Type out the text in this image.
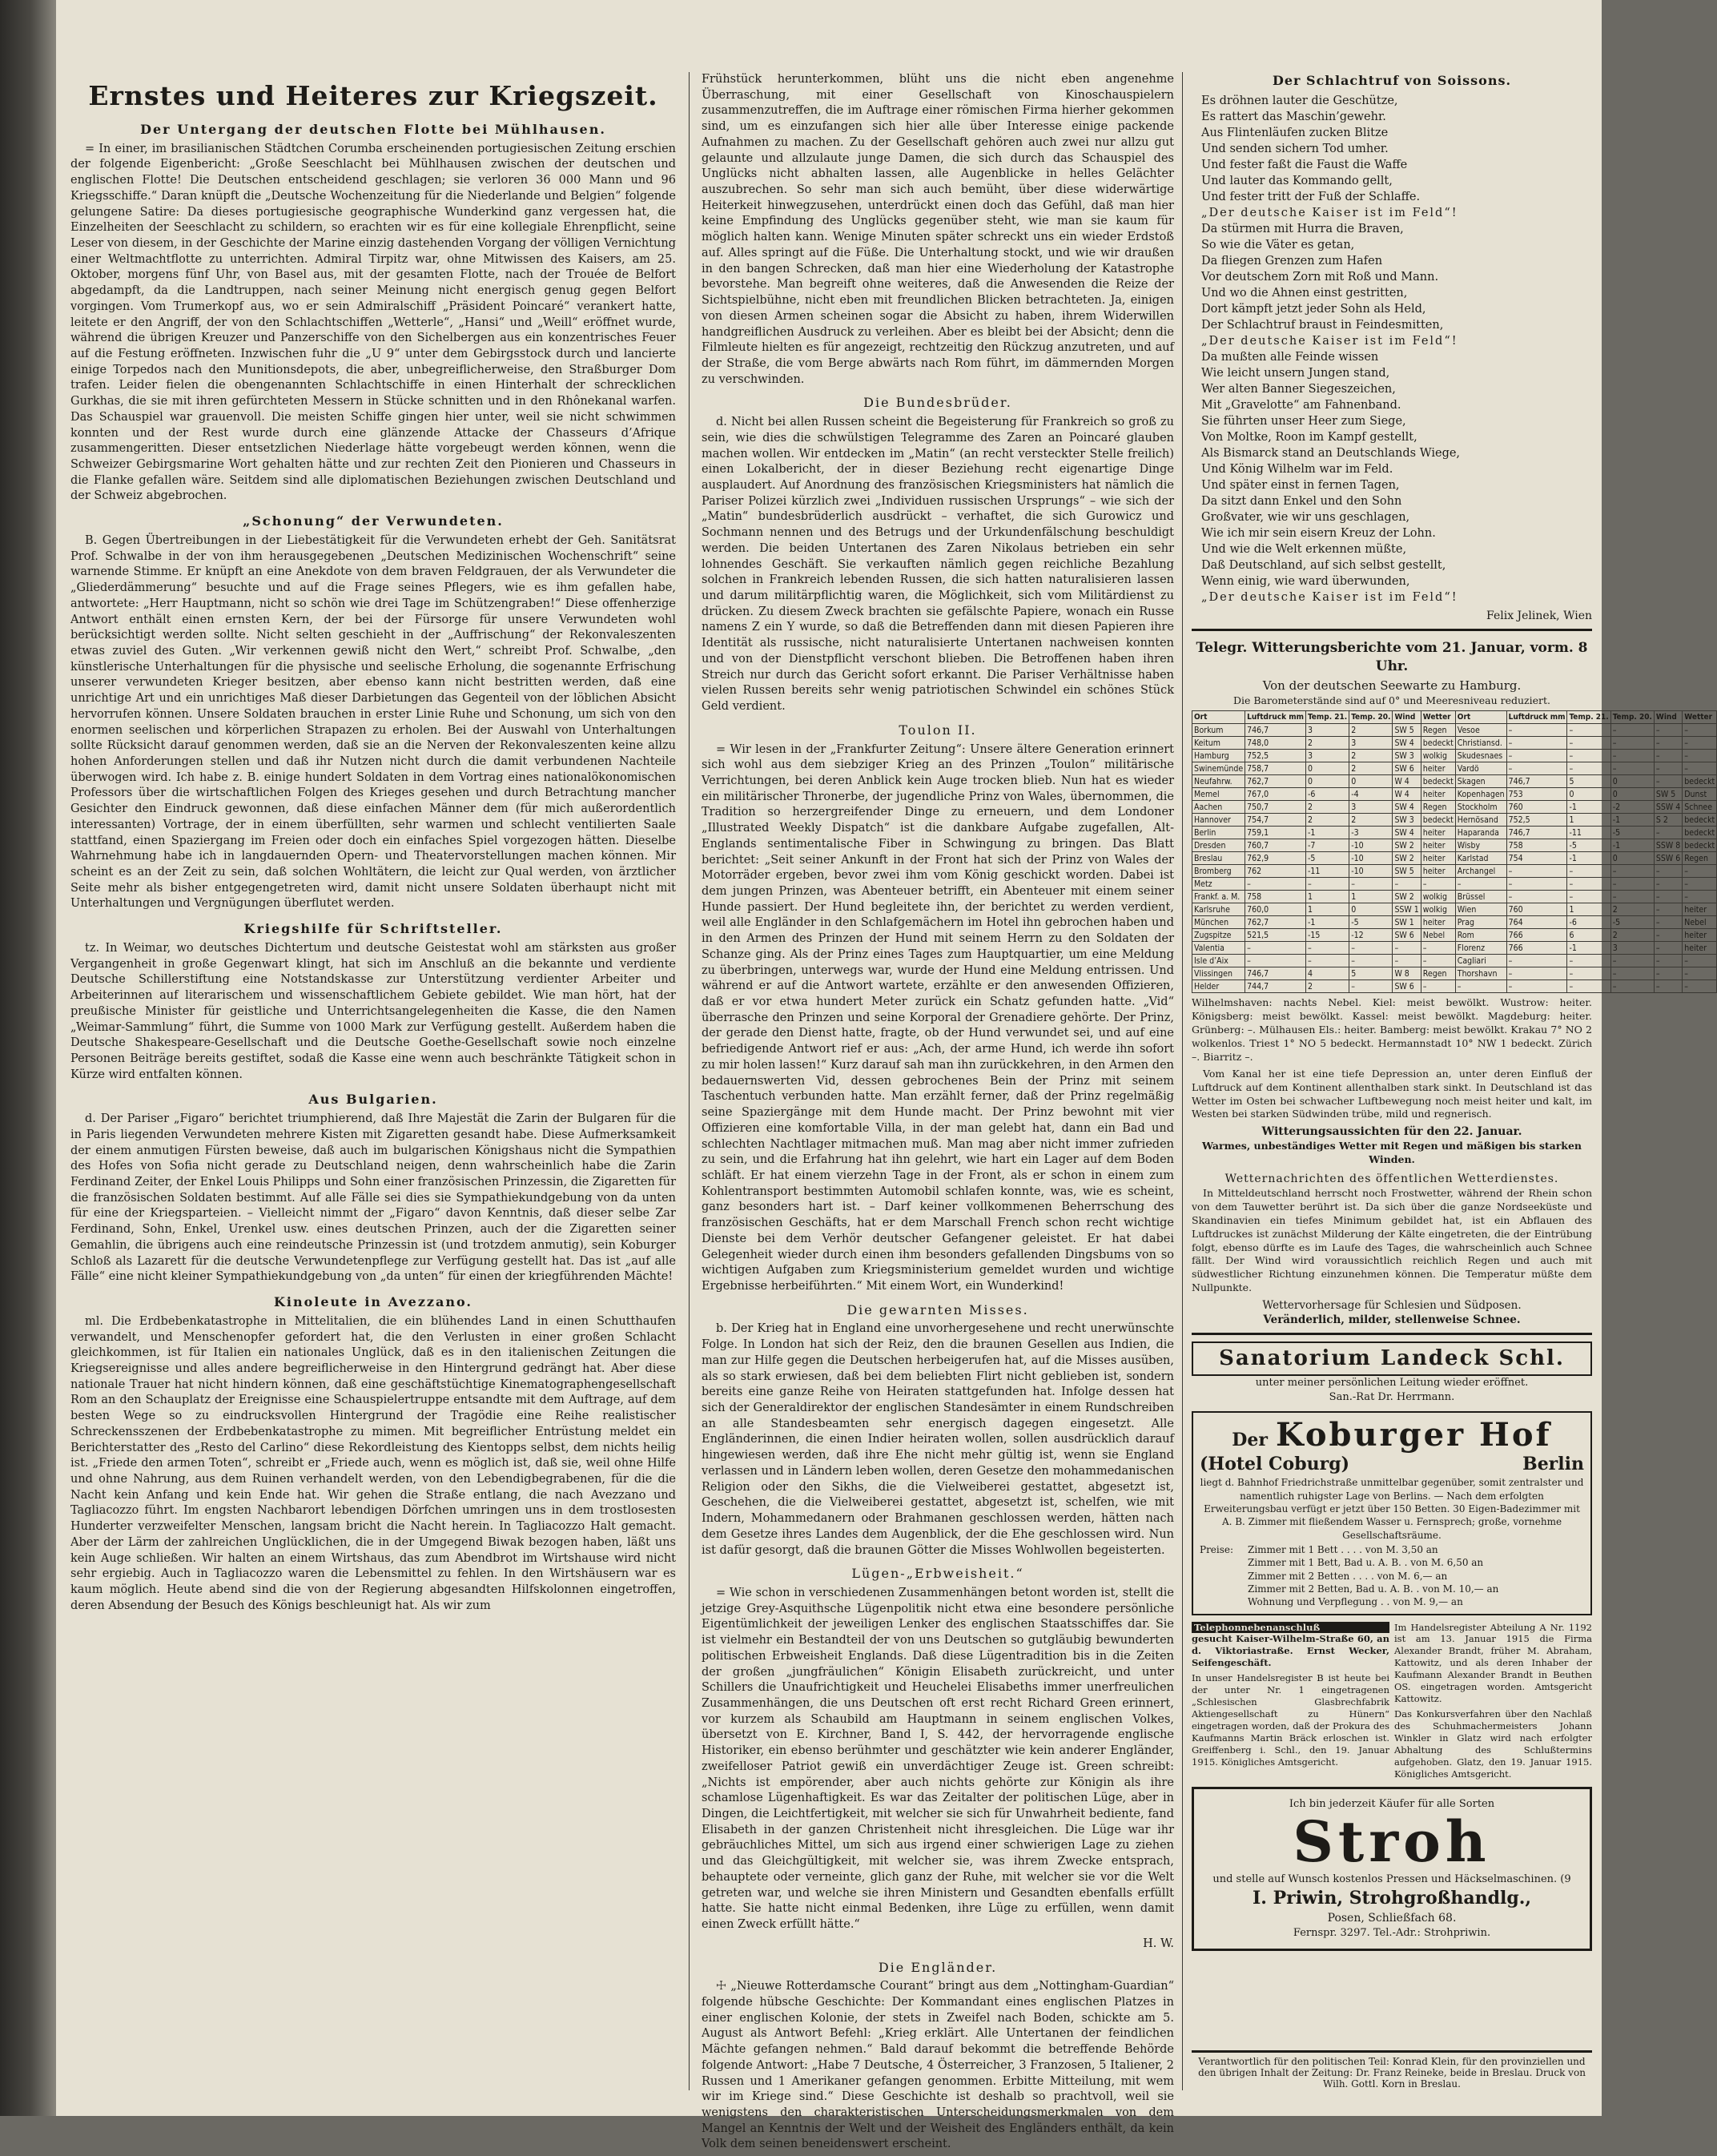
Ernstes und Heiteres zur Kriegszeit.
Der Untergang der deutschen Flotte bei Mühlhausen.

= In einer, im brasilianischen Städtchen Corumba erscheinenden portugiesischen Zeitung erschien der folgende Eigenbericht: „Große Seeschlacht bei Mühlhausen zwischen der deutschen und englischen Flotte! Die Deutschen entscheidend geschlagen; sie verloren 36 000 Mann und 96 Kriegsschiffe.“ Daran knüpft die „Deutsche Wochenzeitung für die Niederlande und Belgien“ folgende gelungene Satire: Da dieses portugiesische geographische Wunderkind ganz vergessen hat, die Einzelheiten der Seeschlacht zu schildern, so erachten wir es für eine kollegiale Ehrenpflicht, seine Leser von diesem, in der Geschichte der Marine einzig dastehenden Vorgang der völligen Vernichtung einer Weltmachtflotte zu unterrichten. Admiral Tirpitz war, ohne Mitwissen des Kaisers, am 25. Oktober, morgens fünf Uhr, von Basel aus, mit der gesamten Flotte, nach der Trouée de Belfort abgedampft, da die Landtruppen, nach seiner Meinung nicht energisch genug gegen Belfort vorgingen. Vom Trumerkopf aus, wo er sein Admiralschiff „Präsident Poincaré“ verankert hatte, leitete er den Angriff, der von den Schlachtschiffen „Wetterle“, „Hansi“ und „Weill“ eröffnet wurde, während die übrigen Kreuzer und Panzerschiffe von den Sichelbergen aus ein konzentrisches Feuer auf die Festung eröffneten. Inzwischen fuhr die „U 9“ unter dem Gebirgsstock durch und lancierte einige Torpedos nach den Munitionsdepots, die aber, unbegreiflicherweise, den Straßburger Dom trafen. Leider fielen die obengenannten Schlachtschiffe in einen Hinterhalt der schrecklichen Gurkhas, die sie mit ihren gefürchteten Messern in Stücke schnitten und in den Rhônekanal warfen. Das Schauspiel war grauenvoll. Die meisten Schiffe gingen hier unter, weil sie nicht schwimmen konnten und der Rest wurde durch eine glänzende Attacke der Chasseurs d’Afrique zusammengeritten. Dieser entsetzlichen Niederlage hätte vorgebeugt werden können, wenn die Schweizer Gebirgsmarine Wort gehalten hätte und zur rechten Zeit den Pionieren und Chasseurs in die Flanke gefallen wäre. Seitdem sind alle diplomatischen Beziehungen zwischen Deutschland und der Schweiz abgebrochen.

„Schonung“ der Verwundeten.

B. Gegen Übertreibungen in der Liebestätigkeit für die Verwundeten erhebt der Geh. Sanitätsrat Prof. Schwalbe in der von ihm herausgegebenen „Deutschen Medizinischen Wochenschrift“ seine warnende Stimme. Er knüpft an eine Anekdote von dem braven Feldgrauen, der als Verwundeter die „Gliederdämmerung“ besuchte und auf die Frage seines Pflegers, wie es ihm gefallen habe, antwortete: „Herr Hauptmann, nicht so schön wie drei Tage im Schützengraben!“ Diese offenherzige Antwort enthält einen ernsten Kern, der bei der Fürsorge für unsere Verwundeten wohl berücksichtigt werden sollte. Nicht selten geschieht in der „Auffrischung“ der Rekonvaleszenten etwas zuviel des Guten. „Wir verkennen gewiß nicht den Wert,“ schreibt Prof. Schwalbe, „den künstlerische Unterhaltungen für die physische und seelische Erholung, die sogenannte Erfrischung unserer verwundeten Krieger besitzen, aber ebenso kann nicht bestritten werden, daß eine unrichtige Art und ein unrichtiges Maß dieser Darbietungen das Gegenteil von der löblichen Absicht hervorrufen können. Unsere Soldaten brauchen in erster Linie Ruhe und Schonung, um sich von den enormen seelischen und körperlichen Strapazen zu erholen. Bei der Auswahl von Unterhaltungen sollte Rücksicht darauf genommen werden, daß sie an die Nerven der Rekonvaleszenten keine allzu hohen Anforderungen stellen und daß ihr Nutzen nicht durch die damit verbundenen Nachteile überwogen wird. Ich habe z. B. einige hundert Soldaten in dem Vortrag eines nationalökonomischen Professors über die wirtschaftlichen Folgen des Krieges gesehen und durch Betrachtung mancher Gesichter den Eindruck gewonnen, daß diese einfachen Männer dem (für mich außerordentlich interessanten) Vortrage, der in einem überfüllten, sehr warmen und schlecht ventilierten Saale stattfand, einen Spaziergang im Freien oder doch ein einfaches Spiel vorgezogen hätten. Dieselbe Wahrnehmung habe ich in langdauernden Opern- und Theatervorstellungen machen können. Mir scheint es an der Zeit zu sein, daß solchen Wohltätern, die leicht zur Qual werden, von ärztlicher Seite mehr als bisher entgegengetreten wird, damit nicht unsere Soldaten überhaupt nicht mit Unterhaltungen und Vergnügungen überflutet werden.

Kriegshilfe für Schriftsteller.

tz. In Weimar, wo deutsches Dichtertum und deutsche Geistestat wohl am stärksten aus großer Vergangenheit in große Gegenwart klingt, hat sich im Anschluß an die bekannte und verdiente Deutsche Schillerstiftung eine Notstandskasse zur Unterstützung verdienter Arbeiter und Arbeiterinnen auf literarischem und wissenschaftlichem Gebiete gebildet. Wie man hört, hat der preußische Minister für geistliche und Unterrichtsangelegenheiten die Kasse, die den Namen „Weimar-Sammlung“ führt, die Summe von 1000 Mark zur Verfügung gestellt. Außerdem haben die Deutsche Shakespeare-Gesellschaft und die Deutsche Goethe-Gesellschaft sowie noch einzelne Personen Beiträge bereits gestiftet, sodaß die Kasse eine wenn auch beschränkte Tätigkeit schon in Kürze wird entfalten können.

Aus Bulgarien.

d. Der Pariser „Figaro“ berichtet triumphierend, daß Ihre Majestät die Zarin der Bulgaren für die in Paris liegenden Verwundeten mehrere Kisten mit Zigaretten gesandt habe. Diese Aufmerksamkeit der einem anmutigen Fürsten beweise, daß auch im bulgarischen Königshaus nicht die Sympathien des Hofes von Sofia nicht gerade zu Deutschland neigen, denn wahrscheinlich habe die Zarin Ferdinand Zeiter, der Enkel Louis Philipps und Sohn einer französischen Prinzessin, die Zigaretten für die französischen Soldaten bestimmt. Auf alle Fälle sei dies sie Sympathiekundgebung von da unten für eine der Kriegsparteien. – Vielleicht nimmt der „Figaro“ davon Kenntnis, daß dieser selbe Zar Ferdinand, Sohn, Enkel, Urenkel usw. eines deutschen Prinzen, auch der die Zigaretten seiner Gemahlin, die übrigens auch eine reindeutsche Prinzessin ist (und trotzdem anmutig), sein Koburger Schloß als Lazarett für die deutsche Verwundetenpflege zur Verfügung gestellt hat. Das ist „auf alle Fälle“ eine nicht kleiner Sympathiekundgebung von „da unten“ für einen der kriegführenden Mächte!

Kinoleute in Avezzano.

ml. Die Erdbebenkatastrophe in Mittelitalien, die ein blühendes Land in einen Schutthaufen verwandelt, und Menschenopfer gefordert hat, die den Verlusten in einer großen Schlacht gleichkommen, ist für Italien ein nationales Unglück, daß es in den italienischen Zeitungen die Kriegsereignisse und alles andere begreiflicherweise in den Hintergrund gedrängt hat. Aber diese nationale Trauer hat nicht hindern können, daß eine geschäftstüchtige Kinematographengesellschaft Rom an den Schauplatz der Ereignisse eine Schauspielertruppe entsandte mit dem Auftrage, auf dem besten Wege so zu eindrucksvollen Hintergrund der Tragödie eine Reihe realistischer Schreckensszenen der Erdbebenkatastrophe zu mimen. Mit begreiflicher Entrüstung meldet ein Berichterstatter des „Resto del Carlino“ diese Rekordleistung des Kientopps selbst, dem nichts heilig ist. „Friede den armen Toten“, schreibt er „Friede auch, wenn es möglich ist, daß sie, weil ohne Hilfe und ohne Nahrung, aus dem Ruinen verhandelt werden, von den Lebendigbegrabenen, für die die Nacht kein Anfang und kein Ende hat. Wir gehen die Straße entlang, die nach Avezzano und Tagliacozzo führt. Im engsten Nachbarort lebendigen Dörfchen umringen uns in dem trostlosesten Hunderter verzweifelter Menschen, langsam bricht die Nacht herein. In Tagliacozzo Halt gemacht. Aber der Lärm der zahlreichen Unglücklichen, die in der Umgegend Biwak bezogen haben, läßt uns kein Auge schließen. Wir halten an einem Wirtshaus, das zum Abendbrot im Wirtshause wird nicht sehr ergiebig. Auch in Tagliacozzo waren die Lebensmittel zu fehlen. In den Wirtshäusern war es kaum möglich. Heute abend sind die von der Regierung abgesandten Hilfskolonnen eingetroffen, deren Absendung der Besuch des Königs beschleunigt hat. Als wir zum

Frühstück herunterkommen, blüht uns die nicht eben angenehme Überraschung, mit einer Gesellschaft von Kinoschauspielern zusammenzutreffen, die im Auftrage einer römischen Firma hierher gekommen sind, um es einzufangen sich hier alle über Interesse einige packende Aufnahmen zu machen. Zu der Gesellschaft gehören auch zwei nur allzu gut gelaunte und allzulaute junge Damen, die sich durch das Schauspiel des Unglücks nicht abhalten lassen, alle Augenblicke in helles Gelächter auszubrechen. So sehr man sich auch bemüht, über diese widerwärtige Heiterkeit hinwegzusehen, unterdrückt einen doch das Gefühl, daß man hier keine Empfindung des Unglücks gegenüber steht, wie man sie kaum für möglich halten kann. Wenige Minuten später schreckt uns ein wieder Erdstoß auf. Alles springt auf die Füße. Die Unterhaltung stockt, und wie wir draußen in den bangen Schrecken, daß man hier eine Wiederholung der Katastrophe bevorstehe. Man begreift ohne weiteres, daß die Anwesenden die Reize der Sichtspielbühne, nicht eben mit freundlichen Blicken betrachteten. Ja, einigen von diesen Armen scheinen sogar die Absicht zu haben, ihrem Widerwillen handgreiflichen Ausdruck zu verleihen. Aber es bleibt bei der Absicht; denn die Filmleute hielten es für angezeigt, rechtzeitig den Rückzug anzutreten, und auf der Straße, die vom Berge abwärts nach Rom führt, im dämmernden Morgen zu verschwinden.

Die Bundesbrüder.

d. Nicht bei allen Russen scheint die Begeisterung für Frankreich so groß zu sein, wie dies die schwülstigen Telegramme des Zaren an Poincaré glauben machen wollen. Wir entdecken im „Matin“ (an recht versteckter Stelle freilich) einen Lokalbericht, der in dieser Beziehung recht eigenartige Dinge ausplaudert. Auf Anordnung des französischen Kriegsministers hat nämlich die Pariser Polizei kürzlich zwei „Individuen russischen Ursprungs“ – wie sich der „Matin“ bundesbrüderlich ausdrückt – verhaftet, die sich Gurowicz und Sochmann nennen und des Betrugs und der Urkundenfälschung beschuldigt werden. Die beiden Untertanen des Zaren Nikolaus betrieben ein sehr lohnendes Geschäft. Sie verkauften nämlich gegen reichliche Bezahlung solchen in Frankreich lebenden Russen, die sich hatten naturalisieren lassen und darum militärpflichtig waren, die Möglichkeit, sich vom Militärdienst zu drücken. Zu diesem Zweck brachten sie gefälschte Papiere, wonach ein Russe namens Z ein Y wurde, so daß die Betreffenden dann mit diesen Papieren ihre Identität als russische, nicht naturalisierte Untertanen nachweisen konnten und von der Dienstpflicht verschont blieben. Die Betroffenen haben ihren Streich nur durch das Gericht sofort erkannt. Die Pariser Verhältnisse haben vielen Russen bereits sehr wenig patriotischen Schwindel ein schönes Stück Geld verdient.

Toulon II.

= Wir lesen in der „Frankfurter Zeitung“: Unsere ältere Generation erinnert sich wohl aus dem siebziger Krieg an des Prinzen „Toulon“ militärische Verrichtungen, bei deren Anblick kein Auge trocken blieb. Nun hat es wieder ein militärischer Thronerbe, der jugendliche Prinz von Wales, übernommen, die Tradition so herzergreifender Dinge zu erneuern, und dem Londoner „Illustrated Weekly Dispatch“ ist die dankbare Aufgabe zugefallen, Alt-Englands sentimentalische Fiber in Schwingung zu bringen. Das Blatt berichtet: „Seit seiner Ankunft in der Front hat sich der Prinz von Wales der Motorräder ergeben, bevor zwei ihm vom König geschickt worden. Dabei ist dem jungen Prinzen, was Abenteuer betrifft, ein Abenteuer mit einem seiner Hunde passiert. Der Hund begleitete ihn, der berichtet zu werden verdient, weil alle Engländer in den Schlafgemächern im Hotel ihn gebrochen haben und in den Armen des Prinzen der Hund mit seinem Herrn zu den Soldaten der Schanze ging. Als der Prinz eines Tages zum Hauptquartier, um eine Meldung zu überbringen, unterwegs war, wurde der Hund eine Meldung entrissen. Und während er auf die Antwort wartete, erzählte er den anwesenden Offizieren, daß er vor etwa hundert Meter zurück ein Schatz gefunden hatte. „Vid“ überrasche den Prinzen und seine Korporal der Grenadiere gehörte. Der Prinz, der gerade den Dienst hatte, fragte, ob der Hund verwundet sei, und auf eine befriedigende Antwort rief er aus: „Ach, der arme Hund, ich werde ihn sofort zu mir holen lassen!“ Kurz darauf sah man ihn zurückkehren, in den Armen den bedauernswerten Vid, dessen gebrochenes Bein der Prinz mit seinem Taschentuch verbunden hatte. Man erzählt ferner, daß der Prinz regelmäßig seine Spaziergänge mit dem Hunde macht. Der Prinz bewohnt mit vier Offizieren eine komfortable Villa, in der man gelebt hat, dann ein Bad und schlechten Nachtlager mitmachen muß. Man mag aber nicht immer zufrieden zu sein, und die Erfahrung hat ihn gelehrt, wie hart ein Lager auf dem Boden schläft. Er hat einem vierzehn Tage in der Front, als er schon in einem zum Kohlentransport bestimmten Automobil schlafen konnte, was, wie es scheint, ganz besonders hart ist. – Darf keiner vollkommenen Beherrschung des französischen Geschäfts, hat er dem Marschall French schon recht wichtige Dienste bei dem Verhör deutscher Gefangener geleistet. Er hat dabei Gelegenheit wieder durch einen ihm besonders gefallenden Dingsbums von so wichtigen Aufgaben zum Kriegsministerium gemeldet wurden und wichtige Ergebnisse herbeiführten.“ Mit einem Wort, ein Wunderkind!

Die gewarnten Misses.

b. Der Krieg hat in England eine unvorhergesehene und recht unerwünschte Folge. In London hat sich der Reiz, den die braunen Gesellen aus Indien, die man zur Hilfe gegen die Deutschen herbeigerufen hat, auf die Misses ausüben, als so stark erwiesen, daß bei dem beliebten Flirt nicht geblieben ist, sondern bereits eine ganze Reihe von Heiraten stattgefunden hat. Infolge dessen hat sich der Generaldirektor der englischen Standesämter in einem Rundschreiben an alle Standesbeamten sehr energisch dagegen eingesetzt. Alle Engländerinnen, die einen Indier heiraten wollen, sollen ausdrücklich darauf hingewiesen werden, daß ihre Ehe nicht mehr gültig ist, wenn sie England verlassen und in Ländern leben wollen, deren Gesetze den mohammedanischen Religion oder den Sikhs, die die Vielweiberei gestattet, abgesetzt ist, Geschehen, die die Vielweiberei gestattet, abgesetzt ist, schelfen, wie mit Indern, Mohammedanern oder Brahmanen geschlossen werden, hätten nach dem Gesetze ihres Landes dem Augenblick, der die Ehe geschlossen wird. Nun ist dafür gesorgt, daß die braunen Götter die Misses Wohlwollen begeisterten.

Lügen-„Erbweisheit.“

= Wie schon in verschiedenen Zusammenhängen betont worden ist, stellt die jetzige Grey-Asquithsche Lügenpolitik nicht etwa eine besondere persönliche Eigentümlichkeit der jeweiligen Lenker des englischen Staatsschiffes dar. Sie ist vielmehr ein Bestandteil der von uns Deutschen so gutgläubig bewunderten politischen Erbweisheit Englands. Daß diese Lügentradition bis in die Zeiten der großen „jungfräulichen“ Königin Elisabeth zurückreicht, und unter Schillers die Unaufrichtigkeit und Heuchelei Elisabeths immer unerfreulichen Zusammenhängen, die uns Deutschen oft erst recht Richard Green erinnert, vor kurzem als Schaubild am Hauptmann in seinem englischen Volkes, übersetzt von E. Kirchner, Band I, S. 442, der hervorragende englische Historiker, ein ebenso berühmter und geschätzter wie kein anderer Engländer, zweifelloser Patriot gewiß ein unverdächtiger Zeuge ist. Green schreibt: „Nichts ist empörender, aber auch nichts gehörte zur Königin als ihre schamlose Lügenhaftigkeit. Es war das Zeitalter der politischen Lüge, aber in Dingen, die Leichtfertigkeit, mit welcher sie sich für Unwahrheit bediente, fand Elisabeth in der ganzen Christenheit nicht ihresgleichen. Die Lüge war ihr gebräuchliches Mittel, um sich aus irgend einer schwierigen Lage zu ziehen und das Gleichgültigkeit, mit welcher sie, was ihrem Zwecke entsprach, behauptete oder verneinte, glich ganz der Ruhe, mit welcher sie vor die Welt getreten war, und welche sie ihren Ministern und Gesandten ebenfalls erfüllt hatte. Sie hatte nicht einmal Bedenken, ihre Lüge zu erfüllen, wenn damit einen Zweck erfüllt hätte.“

H. W.
Die Engländer.

☩ „Nieuwe Rotterdamsche Courant“ bringt aus dem „Nottingham-Guardian“ folgende hübsche Geschichte: Der Kommandant eines englischen Platzes in einer englischen Kolonie, der stets in Zweifel nach Boden, schickte am 5. August als Antwort Befehl: „Krieg erklärt. Alle Untertanen der feindlichen Mächte gefangen nehmen.“ Bald darauf bekommt die betreffende Behörde folgende Antwort: „Habe 7 Deutsche, 4 Österreicher, 3 Franzosen, 5 Italiener, 2 Russen und 1 Amerikaner gefangen genommen. Erbitte Mitteilung, mit wem wir im Kriege sind.“ Diese Geschichte ist deshalb so prachtvoll, weil sie wenigstens den charakteristischen Unterscheidungsmerkmalen von dem Mangel an Kenntnis der Welt und der Weisheit des Engländers enthält, da kein Volk dem seinen beneidenswert erscheint.

Der Schlachtruf von Soissons.
Es dröhnen lauter die Geschütze,
Es rattert das Maschin’gewehr.
Aus Flintenläufen zucken Blitze
Und senden sichern Tod umher.
Und fester faßt die Faust die Waffe
Und lauter das Kommando gellt,
Und fester tritt der Fuß der Schlaffe.
„Der deutsche Kaiser ist im Feld“!
Da stürmen mit Hurra die Braven,
So wie die Väter es getan,
Da fliegen Grenzen zum Hafen
Vor deutschem Zorn mit Roß und Mann.
Und wo die Ahnen einst gestritten,
Dort kämpft jetzt jeder Sohn als Held,
Der Schlachtruf braust in Feindesmitten,
„Der deutsche Kaiser ist im Feld“!
Da mußten alle Feinde wissen
Wie leicht unsern Jungen stand,
Wer alten Banner Siegeszeichen,
Mit „Gravelotte“ am Fahnenband.
Sie führten unser Heer zum Siege,
Von Moltke, Roon im Kampf gestellt,
Als Bismarck stand an Deutschlands Wiege,
Und König Wilhelm war im Feld.
Und später einst in fernen Tagen,
Da sitzt dann Enkel und den Sohn
Großvater, wie wir uns geschlagen,
Wie ich mir sein eisern Kreuz der Lohn.
Und wie die Welt erkennen müßte,
Daß Deutschland, auf sich selbst gestellt,
Wenn einig, wie ward überwunden,
„Der deutsche Kaiser ist im Feld“!
Felix Jelinek, Wien
Telegr. Witterungsberichte vom 21. Januar, vorm. 8 Uhr.
Von der deutschen Seewarte zu Hamburg.
Die Barometerstände sind auf 0° und Meeresniveau reduziert.
Ort	Luftdruck mm	Temp. 21.	Temp. 20.	Wind	Wetter	Ort	Luftdruck mm	Temp. 21.	Temp. 20.	Wind	Wetter
Borkum	746,7	3	2	SW 5	Regen	Vesoe	–	–	–	–	–
Keitum	748,0	2	3	SW 4	bedeckt	Christiansd.	–	–	–	–	–
Hamburg	752,5	3	2	SW 3	wolkig	Skudesnaes	–	–	–	–	–
Swinemünde	758,7	0	2	SW 6	heiter	Vardö	–	–	–	–	–
Neufahrw.	762,7	0	0	W 4	bedeckt	Skagen	746,7	5	0	–	bedeckt
Memel	767,0	-6	-4	W 4	heiter	Kopenhagen	753	0	0	SW 5	Dunst
Aachen	750,7	2	3	SW 4	Regen	Stockholm	760	-1	-2	SSW 4	Schnee
Hannover	754,7	2	2	SW 3	bedeckt	Hernösand	752,5	1	-1	S 2	bedeckt
Berlin	759,1	-1	-3	SW 4	heiter	Haparanda	746,7	-11	-5	–	bedeckt
Dresden	760,7	-7	-10	SW 2	heiter	Wisby	758	-5	-1	SSW 8	bedeckt
Breslau	762,9	-5	-10	SW 2	heiter	Karlstad	754	-1	0	SSW 6	Regen
Bromberg	762	-11	-10	SW 5	heiter	Archangel	–	–	–	–	–
Metz	–	–	–	–	–	–	–	–	–	–	–
Frankf. a. M.	758	1	1	SW 2	wolkig	Brüssel	–	–	–	–	–
Karlsruhe	760,0	1	0	SSW 1	wolkig	Wien	760	1	2	–	heiter
München	762,7	-1	-5	SW 1	heiter	Prag	764	-6	-5	–	Nebel
Zugspitze	521,5	-15	-12	SW 6	Nebel	Rom	766	6	2	–	heiter
Valentia	–	–	–	–	–	Florenz	766	-1	3	–	heiter
Isle d’Aix	–	–	–	–	–	Cagliari	–	–	–	–	–
Vlissingen	746,7	4	5	W 8	Regen	Thorshavn	–	–	–	–	–
Helder	744,7	2	–	SW 6	–	–	–	–	–	–	–
Wilhelmshaven: nachts Nebel. Kiel: meist bewölkt. Wustrow: heiter. Königsberg: meist bewölkt. Kassel: meist bewölkt. Magdeburg: heiter. Grünberg: –. Mülhausen Els.: heiter. Bamberg: meist bewölkt. Krakau 7° NO 2 wolkenlos. Triest 1° NO 5 bedeckt. Hermannstadt 10° NW 1 bedeckt. Zürich –. Biarritz –.
Vom Kanal her ist eine tiefe Depression an, unter deren Einfluß der Luftdruck auf dem Kontinent allenthalben stark sinkt. In Deutschland ist das Wetter im Osten bei schwacher Luftbewegung noch meist heiter und kalt, im Westen bei starken Südwinden trübe, mild und regnerisch.
Witterungsaussichten für den 22. Januar.
Warmes, unbeständiges Wetter mit Regen und mäßigen bis starken Winden.
Wetternachrichten des öffentlichen Wetterdienstes.
In Mitteldeutschland herrscht noch Frostwetter, während der Rhein schon von dem Tauwetter berührt ist. Da sich über die ganze Nordseeküste und Skandinavien ein tiefes Minimum gebildet hat, ist ein Abflauen des Luftdruckes ist zunächst Milderung der Kälte eingetreten, die der Eintrübung folgt, ebenso dürfte es im Laufe des Tages, die wahrscheinlich auch Schnee fällt. Der Wind wird voraussichtlich reichlich Regen und auch mit südwestlicher Richtung einzunehmen können. Die Temperatur müßte dem Nullpunkte.
Wettervorhersage für Schlesien und Südposen.
Veränderlich, milder, stellenweise Schnee.
Sanatorium Landeck Schl.
unter meiner persönlichen Leitung wieder eröffnet.
San.-Rat Dr. Herrmann.
Der Koburger Hof
(Hotel Coburg)	Berlin
liegt d. Bahnhof Friedrichstraße unmittelbar gegenüber, somit zentralster und namentlich ruhigster Lage von Berlins. — Nach dem erfolgten Erweiterungsbau verfügt er jetzt über 150 Betten. 30 Eigen-Badezimmer mit A. B. Zimmer mit fließendem Wasser u. Fernsprech; große, vornehme Gesellschaftsräume.
Preise:	Zimmer mit 1 Bett . . . . von M. 3,50 an
Zimmer mit 1 Bett, Bad u. A. B. . von M. 6,50 an
Zimmer mit 2 Betten . . . . von M. 6,— an
Zimmer mit 2 Betten, Bad u. A. B. . von M. 10,— an
Wohnung und Verpflegung . . von M. 9,— an
Telephonnebenanschluß
gesucht Kaiser-Wilhelm-Straße 60, an d. Viktoriastraße. Ernst Wecker, Seifengeschäft.
In unser Handelsregister B ist heute bei der unter Nr. 1 eingetragenen „Schlesischen Glasbrechfabrik Aktiengesellschaft zu Hünern“ eingetragen worden, daß der Prokura des Kaufmanns Martin Bräck erloschen ist. Greiffenberg i. Schl., den 19. Januar 1915. Königliches Amtsgericht.
Im Handelsregister Abteilung A Nr. 1192 ist am 13. Januar 1915 die Firma Alexander Brandt, früher M. Abraham, Kattowitz, und als deren Inhaber der Kaufmann Alexander Brandt in Beuthen OS. eingetragen worden. Amtsgericht Kattowitz.
Das Konkursverfahren über den Nachlaß des Schuhmachermeisters Johann Winkler in Glatz wird nach erfolgter Abhaltung des Schlußtermins aufgehoben. Glatz, den 19. Januar 1915. Königliches Amtsgericht.
Ich bin jederzeit Käufer für alle Sorten
Stroh
und stelle auf Wunsch kostenlos Pressen und Häckselmaschinen. (9
I. Priwin, Strohgroßhandlg.,
Posen, Schließfach 68.
Fernspr. 3297. Tel.-Adr.: Strohpriwin.
Verantwortlich für den politischen Teil: Konrad Klein, für den provinziellen und den übrigen Inhalt der Zeitung: Dr. Franz Reineke, beide in Breslau. Druck von Wilh. Gottl. Korn in Breslau.
